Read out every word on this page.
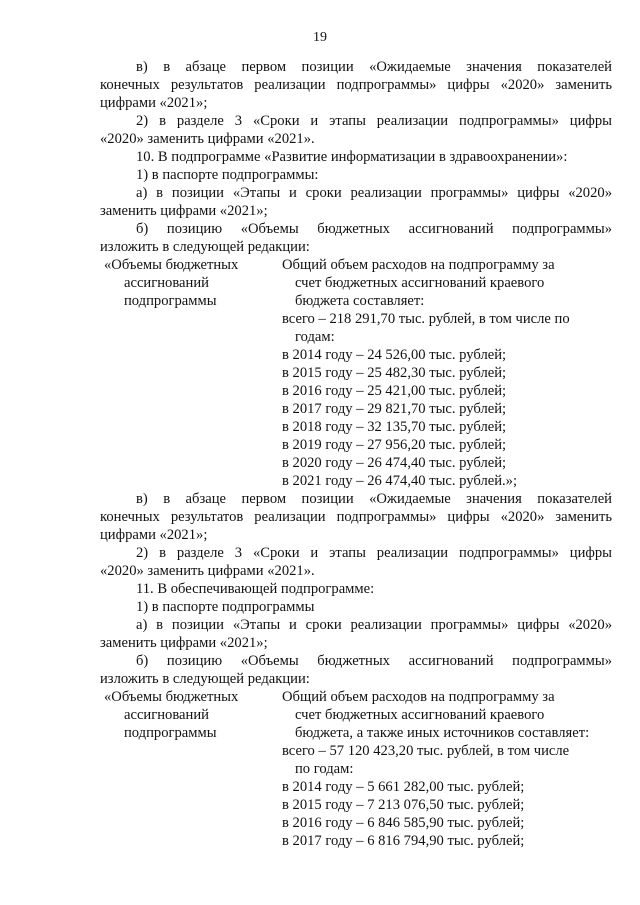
19
в) в абзаце первом позиции «Ожидаемые значения показателей
конечных результатов реализации подпрограммы» цифры «2020» заменить
цифрами «2021»;
2) в разделе 3 «Сроки и этапы реализации подпрограммы» цифры
«2020» заменить цифрами «2021».
10. В подпрограмме «Развитие информатизации в здравоохранении»:
1) в паспорте подпрограммы:
а) в позиции «Этапы и сроки реализации программы» цифры «2020»
заменить цифрами «2021»;
б) позицию «Объемы бюджетных ассигнований подпрограммы»
изложить в следующей редакции:
«Объемы бюджетных
ассигнований
подпрограммы
Общий объем расходов на подпрограмму за
счет бюджетных ассигнований краевого
бюджета составляет:
всего – 218 291,70 тыс. рублей, в том числе по
годам:
в 2014 году – 24 526,00 тыс. рублей;
в 2015 году – 25 482,30 тыс. рублей;
в 2016 году – 25 421,00 тыс. рублей;
в 2017 году – 29 821,70 тыс. рублей;
в 2018 году – 32 135,70 тыс. рублей;
в 2019 году – 27 956,20 тыс. рублей;
в 2020 году – 26 474,40 тыс. рублей;
в 2021 году – 26 474,40 тыс. рублей.»;
в) в абзаце первом позиции «Ожидаемые значения показателей
конечных результатов реализации подпрограммы» цифры «2020» заменить
цифрами «2021»;
2) в разделе 3 «Сроки и этапы реализации подпрограммы» цифры
«2020» заменить цифрами «2021».
11. В обеспечивающей подпрограмме:
1) в паспорте подпрограммы
а) в позиции «Этапы и сроки реализации программы» цифры «2020»
заменить цифрами «2021»;
б) позицию «Объемы бюджетных ассигнований подпрограммы»
изложить в следующей редакции:
«Объемы бюджетных
ассигнований
подпрограммы
Общий объем расходов на подпрограмму за
счет бюджетных ассигнований краевого
бюджета, а также иных источников составляет:
всего – 57 120 423,20 тыс. рублей, в том числе
по годам:
в 2014 году – 5 661 282,00 тыс. рублей;
в 2015 году – 7 213 076,50 тыс. рублей;
в 2016 году – 6 846 585,90 тыс. рублей;
в 2017 году – 6 816 794,90 тыс. рублей;
